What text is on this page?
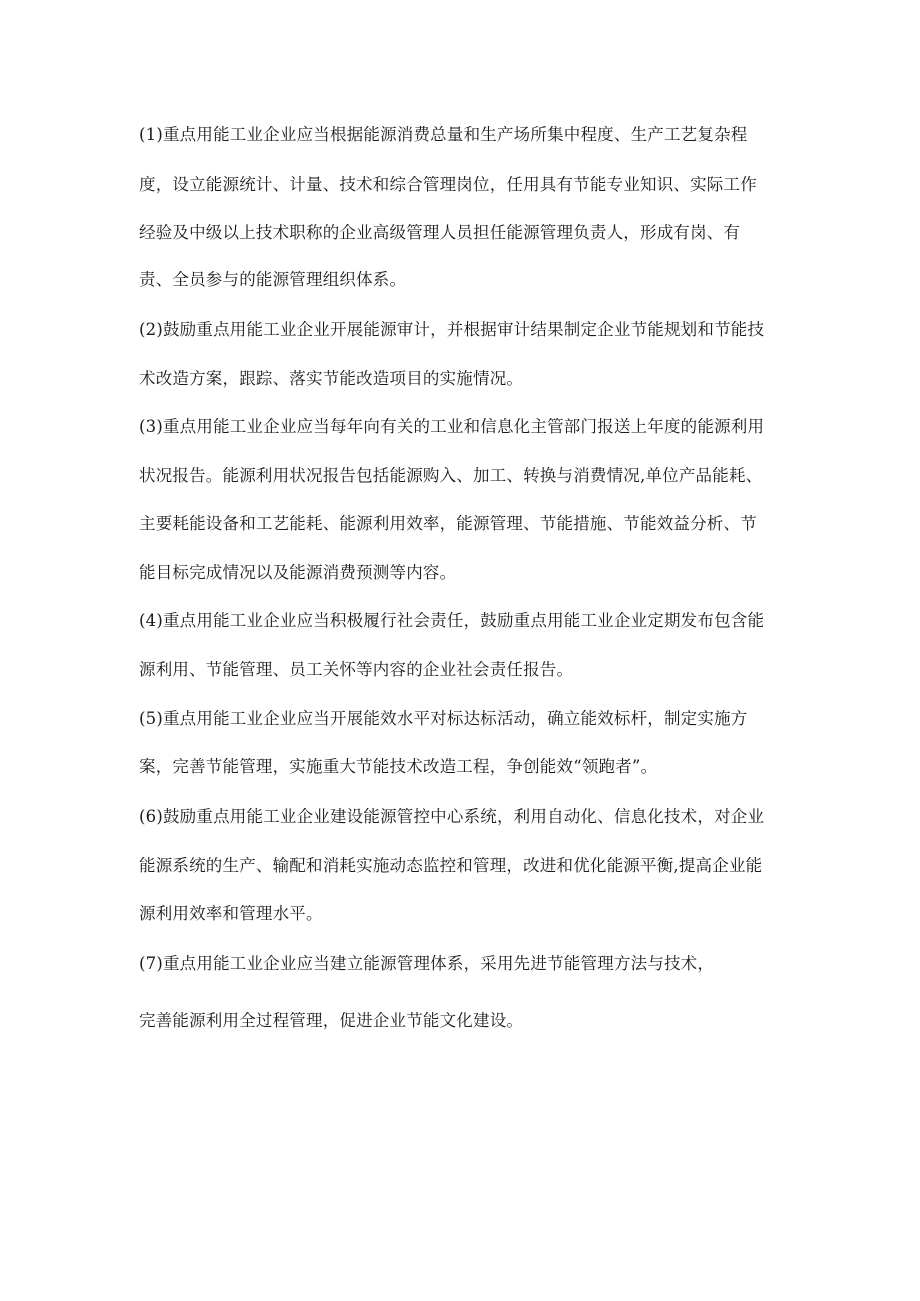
(1)重点用能工业企业应当根据能源消费总量和生产场所集中程度、生产工艺复杂程
度，设立能源统计、计量、技术和综合管理岗位，任用具有节能专业知识、实际工作
经验及中级以上技术职称的企业高级管理人员担任能源管理负责人，形成有岗、有
责、全员参与的能源管理组织体系。
(2)鼓励重点用能工业企业开展能源审计，并根据审计结果制定企业节能规划和节能技
术改造方案，跟踪、落实节能改造项目的实施情况。
(3)重点用能工业企业应当每年向有关的工业和信息化主管部门报送上年度的能源利用
状况报告。能源利用状况报告包括能源购入、加工、转换与消费情况,单位产品能耗、
主要耗能设备和工艺能耗、能源利用效率，能源管理、节能措施、节能效益分析、节
能目标完成情况以及能源消费预测等内容。
(4)重点用能工业企业应当积极履行社会责任，鼓励重点用能工业企业定期发布包含能
源利用、节能管理、员工关怀等内容的企业社会责任报告。
(5)重点用能工业企业应当开展能效水平对标达标活动，确立能效标杆，制定实施方
案，完善节能管理，实施重大节能技术改造工程，争创能效“领跑者”。
(6)鼓励重点用能工业企业建设能源管控中心系统，利用自动化、信息化技术，对企业
能源系统的生产、输配和消耗实施动态监控和管理，改进和优化能源平衡,提高企业能
源利用效率和管理水平。
(7)重点用能工业企业应当建立能源管理体系，采用先进节能管理方法与技术，
完善能源利用全过程管理，促进企业节能文化建设。
